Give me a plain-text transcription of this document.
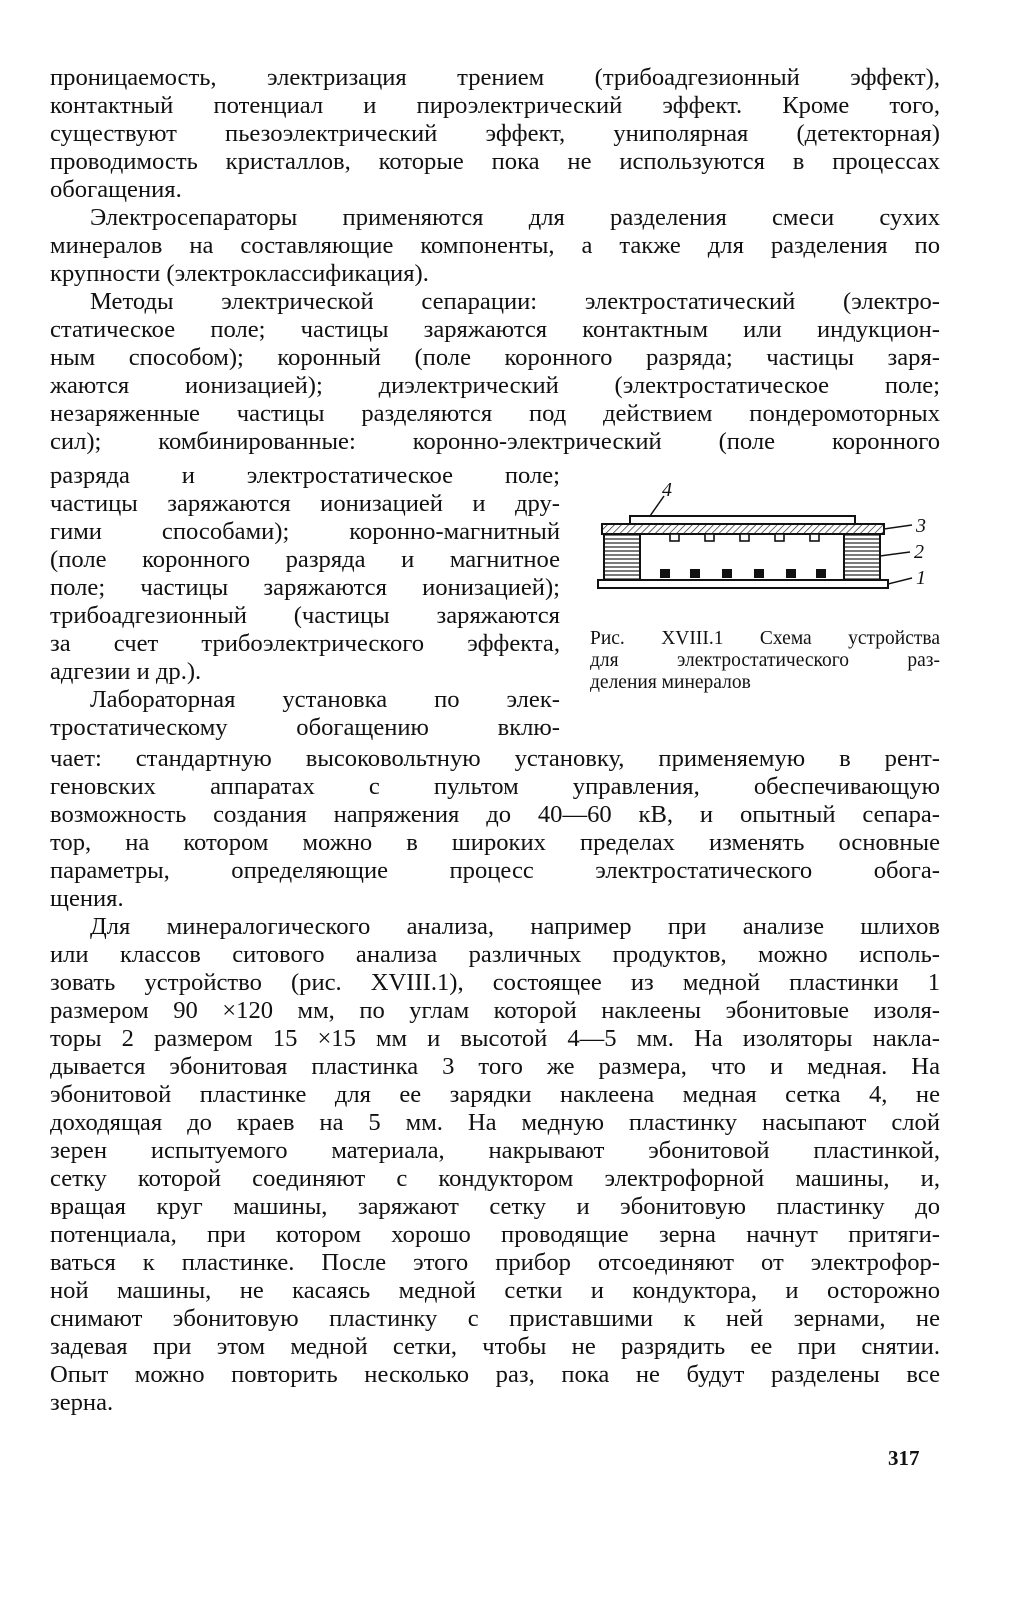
проницаемость, электризация трением (трибоадгезионный эффект),
контактный потенциал и пироэлектрический эффект. Кроме того,
существуют пьезоэлектрический эффект, униполярная (детекторная)
проводимость кристаллов, которые пока не используются в процессах
обогащения.
Электросепараторы применяются для разделения смеси сухих
минералов на составляющие компоненты, а также для разделения по
крупности (электроклассификация).
Методы электрической сепарации: электростатический (электро-
статическое поле; частицы заряжаются контактным или индукцион-
ным способом); коронный (поле коронного разряда; частицы заря-
жаются ионизацией); диэлектрический (электростатическое поле;
незаряженные частицы разделяются под действием пондеромоторных
сил); комбинированные: коронно-электрический (поле коронного
разряда и электростатическое поле;
частицы заряжаются ионизацией и дру-
гими способами); коронно-магнитный
(поле коронного разряда и магнитное
поле; частицы заряжаются ионизацией);
трибоадгезионный (частицы заряжаются
за счет трибоэлектрического эффекта,
адгезии и др.).
Лабораторная установка по элек-
тростатическому обогащению вклю-
4
3
2
1
Рис. XVIII.1 Схема устройства
для электростатического раз-
деления минералов
чает: стандартную высоковольтную установку, применяемую в рент-
геновских аппаратах с пультом управления, обеспечивающую
возможность создания напряжения до 40—60 кВ, и опытный сепара-
тор, на котором можно в широких пределах изменять основные
параметры, определяющие процесс электростатического обога-
щения.
Для минералогического анализа, например при анализе шлихов
или классов ситового анализа различных продуктов, можно исполь-
зовать устройство (рис. XVIII.1), состоящее из медной пластинки 1
размером 90 ×120 мм, по углам которой наклеены эбонитовые изоля-
торы 2 размером 15 ×15 мм и высотой 4—5 мм. На изоляторы накла-
дывается эбонитовая пластинка 3 того же размера, что и медная. На
эбонитовой пластинке для ее зарядки наклеена медная сетка 4, не
доходящая до краев на 5 мм. На медную пластинку насыпают слой
зерен испытуемого материала, накрывают эбонитовой пластинкой,
сетку которой соединяют с кондуктором электрофорной машины, и,
вращая круг машины, заряжают сетку и эбонитовую пластинку до
потенциала, при котором хорошо проводящие зерна начнут притяги-
ваться к пластинке. После этого прибор отсоединяют от электрофор-
ной машины, не касаясь медной сетки и кондуктора, и осторожно
снимают эбонитовую пластинку с приставшими к ней зернами, не
задевая при этом медной сетки, чтобы не разрядить ее при снятии.
Опыт можно повторить несколько раз, пока не будут разделены все
зерна.
317
